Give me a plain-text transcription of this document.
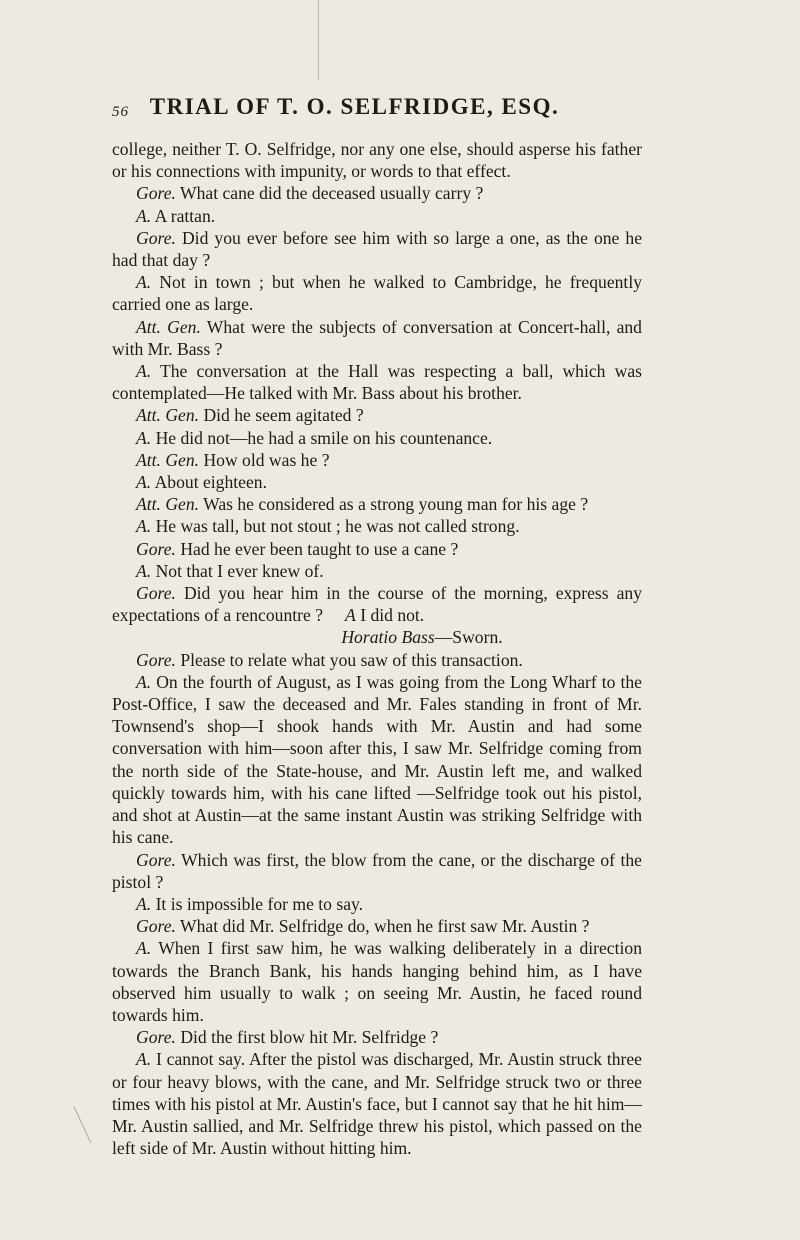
56 TRIAL OF T. O. SELFRIDGE, ESQ.

college, neither T. O. Selfridge, nor any one else, should asperse his father or his connections with impunity, or words to that effect.

Gore. What cane did the deceased usually carry ?

A. A rattan.

Gore. Did you ever before see him with so large a one, as the one he had that day ?

A. Not in town ; but when he walked to Cambridge, he frequently carried one as large.

Att. Gen. What were the subjects of conversation at Concert-hall, and with Mr. Bass ?

A. The conversation at the Hall was respecting a ball, which was contemplated—He talked with Mr. Bass about his brother.

Att. Gen. Did he seem agitated ?

A. He did not—he had a smile on his countenance.

Att. Gen. How old was he ?

A. About eighteen.

Att. Gen. Was he considered as a strong young man for his age ?

A. He was tall, but not stout ; he was not called strong.

Gore. Had he ever been taught to use a cane ?

A. Not that I ever knew of.

Gore. Did you hear him in the course of the morning, express any expectations of a rencountre ? A I did not.

Horatio Bass—Sworn.

Gore. Please to relate what you saw of this transaction.

A. On the fourth of August, as I was going from the Long Wharf to the Post-Office, I saw the deceased and Mr. Fales standing in front of Mr. Townsend's shop—I shook hands with Mr. Austin and had some conversation with him—soon after this, I saw Mr. Selfridge coming from the north side of the State-house, and Mr. Austin left me, and walked quickly towards him, with his cane lifted —Selfridge took out his pistol, and shot at Austin—at the same instant Austin was striking Selfridge with his cane.

Gore. Which was first, the blow from the cane, or the discharge of the pistol ?

A. It is impossible for me to say.

Gore. What did Mr. Selfridge do, when he first saw Mr. Austin ?

A. When I first saw him, he was walking deliberately in a direction towards the Branch Bank, his hands hanging behind him, as I have observed him usually to walk ; on seeing Mr. Austin, he faced round towards him.

Gore. Did the first blow hit Mr. Selfridge ?

A. I cannot say. After the pistol was discharged, Mr. Austin struck three or four heavy blows, with the cane, and Mr. Selfridge struck two or three times with his pistol at Mr. Austin's face, but I cannot say that he hit him—Mr. Austin sallied, and Mr. Selfridge threw his pistol, which passed on the left side of Mr. Austin without hitting him.
